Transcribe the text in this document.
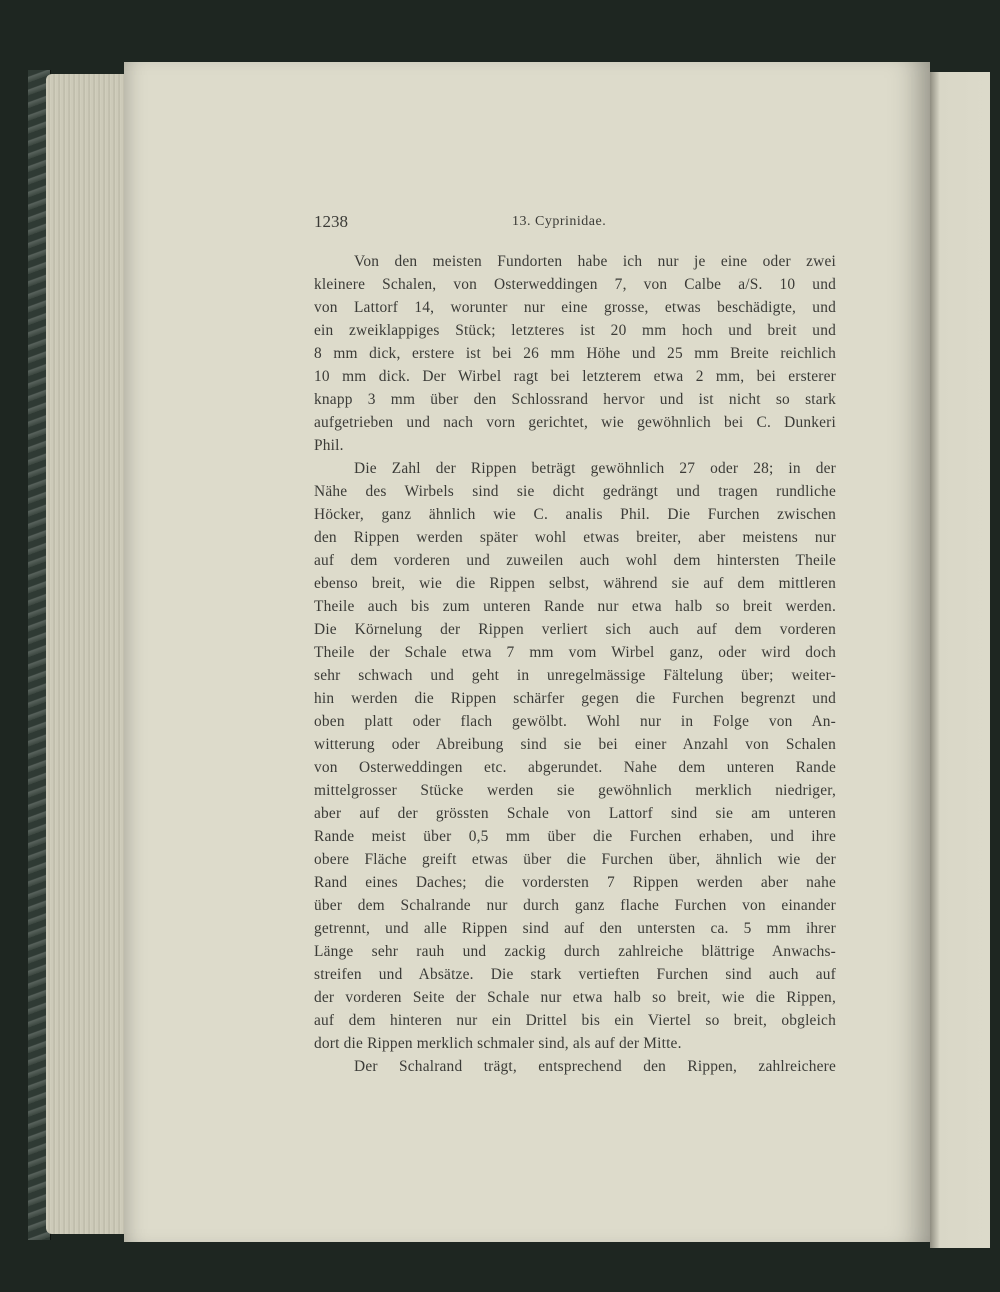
1238	13. Cyprinidae.
Von den meisten Fundorten habe ich nur je eine oder zwei
kleinere Schalen, von Osterweddingen 7, von Calbe a/S. 10 und
von Lattorf 14, worunter nur eine grosse, etwas beschädigte, und
ein zweiklappiges Stück; letzteres ist 20 mm hoch und breit und
8 mm dick, erstere ist bei 26 mm Höhe und 25 mm Breite reichlich
10 mm dick. Der Wirbel ragt bei letzterem etwa 2 mm, bei ersterer
knapp 3 mm über den Schlossrand hervor und ist nicht so stark
aufgetrieben und nach vorn gerichtet, wie gewöhnlich bei C. Dunkeri
Phil.
Die Zahl der Rippen beträgt gewöhnlich 27 oder 28; in der
Nähe des Wirbels sind sie dicht gedrängt und tragen rundliche
Höcker, ganz ähnlich wie C. analis Phil. Die Furchen zwischen
den Rippen werden später wohl etwas breiter, aber meistens nur
auf dem vorderen und zuweilen auch wohl dem hintersten Theile
ebenso breit, wie die Rippen selbst, während sie auf dem mittleren
Theile auch bis zum unteren Rande nur etwa halb so breit werden.
Die Körnelung der Rippen verliert sich auch auf dem vorderen
Theile der Schale etwa 7 mm vom Wirbel ganz, oder wird doch
sehr schwach und geht in unregelmässige Fältelung über; weiter-
hin werden die Rippen schärfer gegen die Furchen begrenzt und
oben platt oder flach gewölbt. Wohl nur in Folge von An-
witterung oder Abreibung sind sie bei einer Anzahl von Schalen
von Osterweddingen etc. abgerundet. Nahe dem unteren Rande
mittelgrosser Stücke werden sie gewöhnlich merklich niedriger,
aber auf der grössten Schale von Lattorf sind sie am unteren
Rande meist über 0,5 mm über die Furchen erhaben, und ihre
obere Fläche greift etwas über die Furchen über, ähnlich wie der
Rand eines Daches; die vordersten 7 Rippen werden aber nahe
über dem Schalrande nur durch ganz flache Furchen von einander
getrennt, und alle Rippen sind auf den untersten ca. 5 mm ihrer
Länge sehr rauh und zackig durch zahlreiche blättrige Anwachs-
streifen und Absätze. Die stark vertieften Furchen sind auch auf
der vorderen Seite der Schale nur etwa halb so breit, wie die Rippen,
auf dem hinteren nur ein Drittel bis ein Viertel so breit, obgleich
dort die Rippen merklich schmaler sind, als auf der Mitte.
Der Schalrand trägt, entsprechend den Rippen, zahlreichere
